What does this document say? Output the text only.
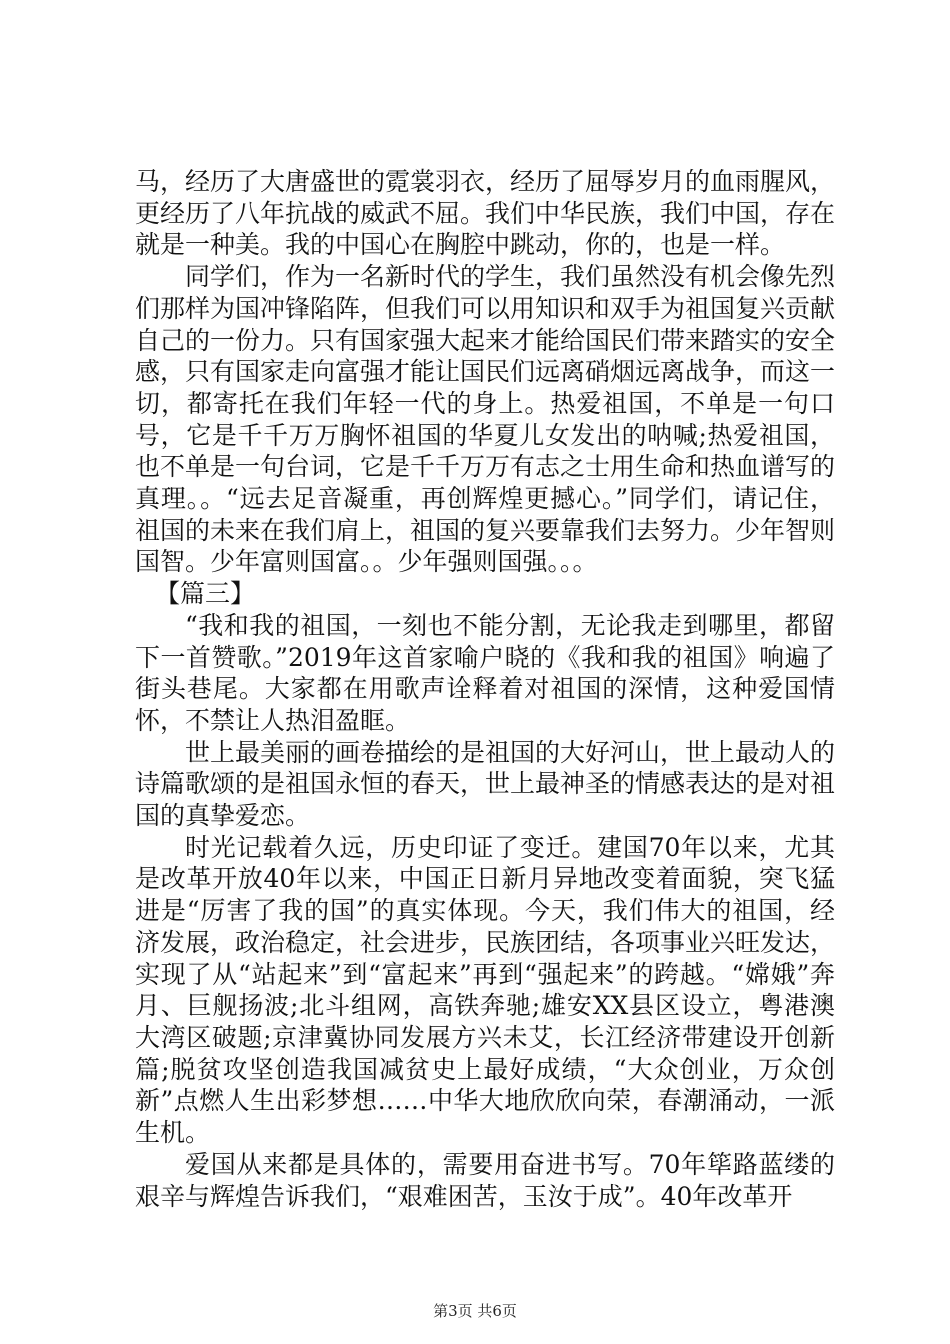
马，经历了大唐盛世的霓裳羽衣，经历了屈辱岁月的血雨腥风，更经历了八年抗战的威武不屈。我们中华民族，我们中国，存在就是一种美。我的中国心在胸腔中跳动，你的，也是一样。

同学们，作为一名新时代的学生，我们虽然没有机会像先烈们那样为国冲锋陷阵，但我们可以用知识和双手为祖国复兴贡献自己的一份力。只有国家强大起来才能给国民们带来踏实的安全感，只有国家走向富强才能让国民们远离硝烟远离战争，而这一切，都寄托在我们年轻一代的身上。热爱祖国，不单是一句口号，它是千千万万胸怀祖国的华夏儿女发出的呐喊;热爱祖国，也不单是一句台词，它是千千万万有志之士用生命和热血谱写的真理。。“远去足音凝重，再创辉煌更撼心。”同学们，请记住，祖国的未来在我们肩上，祖国的复兴要靠我们去努力。少年智则国智。少年富则国富。。少年强则国强。。。

【篇三】

“我和我的祖国，一刻也不能分割，无论我走到哪里，都留下一首赞歌。”2019年这首家喻户晓的《我和我的祖国》响遍了街头巷尾。大家都在用歌声诠释着对祖国的深情，这种爱国情怀，不禁让人热泪盈眶。

世上最美丽的画卷描绘的是祖国的大好河山，世上最动人的诗篇歌颂的是祖国永恒的春天，世上最神圣的情感表达的是对祖国的真挚爱恋。

时光记载着久远，历史印证了变迁。建国70年以来，尤其是改革开放40年以来，中国正日新月异地改变着面貌，突飞猛进是“厉害了我的国”的真实体现。今天，我们伟大的祖国，经济发展，政治稳定，社会进步，民族团结，各项事业兴旺发达，实现了从“站起来”到“富起来”再到“强起来”的跨越。“嫦娥”奔月、巨舰扬波;北斗组网，高铁奔驰;雄安XX县区设立，粤港澳大湾区破题;京津冀协同发展方兴未艾，长江经济带建设开创新篇;脱贫攻坚创造我国减贫史上最好成绩，“大众创业，万众创新”点燃人生出彩梦想……中华大地欣欣向荣，春潮涌动，一派生机。

爱国从来都是具体的，需要用奋进书写。70年筚路蓝缕的艰辛与辉煌告诉我们，“艰难困苦，玉汝于成”。40年改革开

第3页 共6页
